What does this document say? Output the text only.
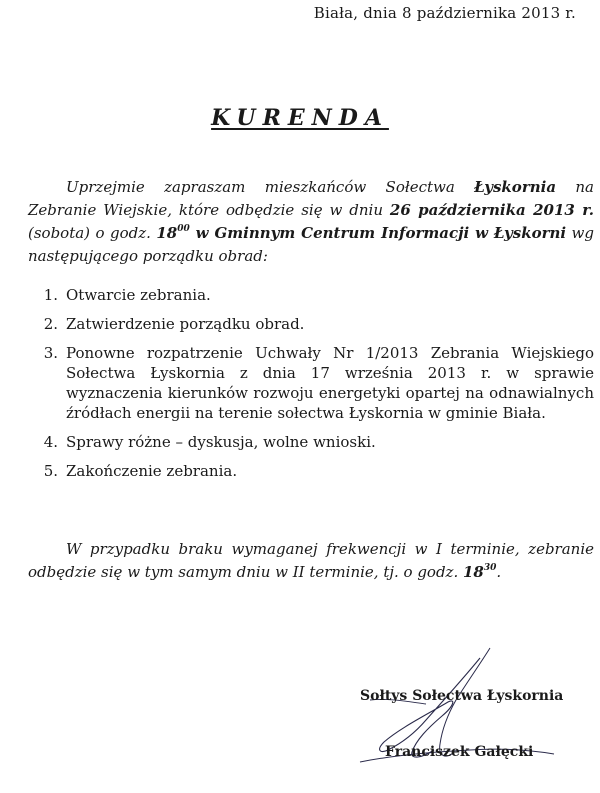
Biała, dnia 8 października 2013 r.
KURENDA
Uprzejmie zapraszam mieszkańców Sołectwa Łyskornia na Zebranie Wiejskie, które odbędzie się w dniu 26 października 2013 r. (sobota) o godz. $18^{00}$ w Gminnym Centrum Informacji w Łyskorni wg następującego porządku obrad:
1. Otwarcie zebrania.
2. Zatwierdzenie porządku obrad.
3. Ponowne rozpatrzenie Uchwały Nr 1/2013 Zebrania Wiejskiego Sołectwa Łyskornia z dnia 17 września 2013 r. w sprawie wyznaczenia kierunków rozwoju energetyki opartej na odnawialnych źródłach energii na terenie sołectwa Łyskornia w gminie Biała.
4. Sprawy różne – dyskusja, wolne wnioski.
5. Zakończenie zebrania.
W przypadku braku wymaganej frekwencji w I terminie, zebranie odbędzie się w tym samym dniu w II terminie, tj. o godz. $18^{30}$.
Sołtys Sołectwa Łyskornia
Franciszek Gałęcki
